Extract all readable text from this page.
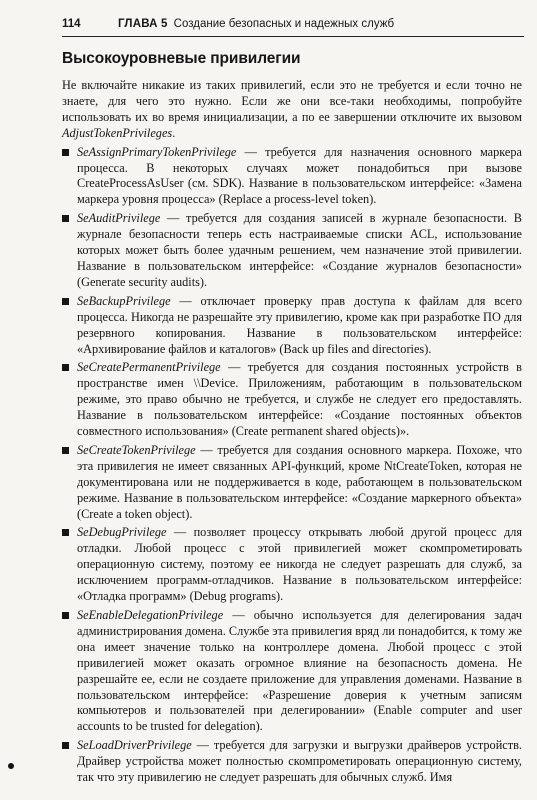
114	ГЛАВА 5 Создание безопасных и надежных служб
Высокоуровневые привилегии

Не включайте никакие из таких привилегий, если это не требуется и если точно не знаете, для чего это нужно. Если же они все-таки необходимы, попробуйте использовать их во время инициализации, а по ее завершении отключите их вызовом AdjustTokenPrivileges.

SeAssignPrimaryTokenPrivilege — требуется для назначения основного маркера процесса. В некоторых случаях может понадобиться при вызове CreateProcessAsUser (см. SDK). Название в пользовательском интерфейсе: «Замена маркера уровня процесса» (Replace a process-level token).
SeAuditPrivilege — требуется для создания записей в журнале безопасности. В журнале безопасности теперь есть настраиваемые списки ACL, использование которых может быть более удачным решением, чем назначение этой привилегии. Название в пользовательском интерфейсе: «Создание журналов безопасности» (Generate security audits).
SeBackupPrivilege — отключает проверку прав доступа к файлам для всего процесса. Никогда не разрешайте эту привилегию, кроме как при разработке ПО для резервного копирования. Название в пользовательском интерфейсе: «Архивирование файлов и каталогов» (Back up files and directories).
SeCreatePermanentPrivilege — требуется для создания постоянных устройств в пространстве имен \\Device. Приложениям, работающим в пользовательском режиме, это право обычно не требуется, и службе не следует его предоставлять. Название в пользовательском интерфейсе: «Создание постоянных объектов совместного использования» (Create permanent shared objects)».
SeCreateTokenPrivilege — требуется для создания основного маркера. Похоже, что эта привилегия не имеет связанных API-функций, кроме NtCreateToken, которая не документирована или не поддерживается в коде, работающем в пользовательском режиме. Название в пользовательском интерфейсе: «Создание маркерного объекта» (Create a token object).
SeDebugPrivilege — позволяет процессу открывать любой другой процесс для отладки. Любой процесс с этой привилегией может скомпрометировать операционную систему, поэтому ее никогда не следует разрешать для служб, за исключением программ-отладчиков. Название в пользовательском интерфейсе: «Отладка программ» (Debug programs).
SeEnableDelegationPrivilege — обычно используется для делегирования задач администрирования домена. Службе эта привилегия вряд ли понадобится, к тому же она имеет значение только на контроллере домена. Любой процесс с этой привилегией может оказать огромное влияние на безопасность домена. Не разрешайте ее, если не создаете приложение для управления доменами. Название в пользовательском интерфейсе: «Разрешение доверия к учетным записям компьютеров и пользователей при делегировании» (Enable computer and user accounts to be trusted for delegation).
SeLoadDriverPrivilege — требуется для загрузки и выгрузки драйверов устройств. Драйвер устройства может полностью скомпрометировать операционную систему, так что эту привилегию не следует разрешать для обычных служб. Имя
